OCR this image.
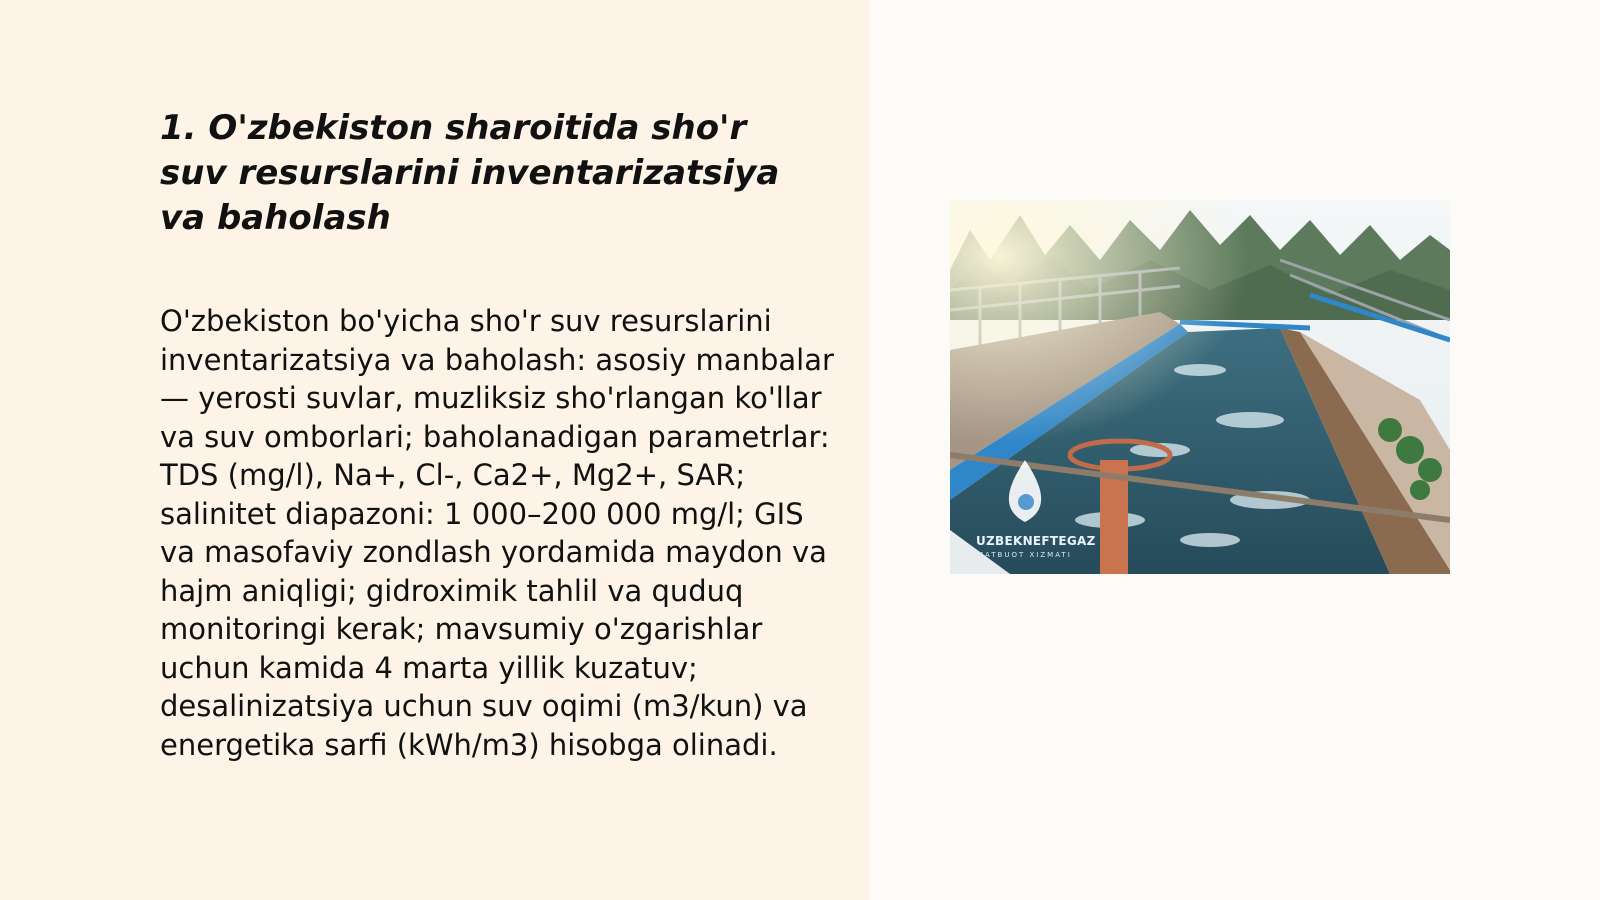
1. O'zbekiston sharoitida sho'r suv resurslarini inventarizatsiya va baholash

O'zbekiston bo'yicha sho'r suv resurslarini inventarizatsiya va baholash: asosiy manbalar — yerosti suvlar, muzliksiz sho'rlangan ko'llar va suv omborlari; baholanadigan parametrlar: TDS (mg/l), Na+, Cl-, Ca2+, Mg2+, SAR; salinitet diapazoni: 1 000–200 000 mg/l; GIS va masofaviy zondlash yordamida maydon va hajm aniqligi; gidroximik tahlil va quduq monitoringi kerak; mavsumiy o'zgarishlar uchun kamida 4 marta yillik kuzatuv; desalinizatsiya uchun suv oqimi (m3/kun) va energetika sarfi (kWh/m3) hisobga olinadi.

UZBEKNEFTEGAZ
MATBUOT XIZMATI
